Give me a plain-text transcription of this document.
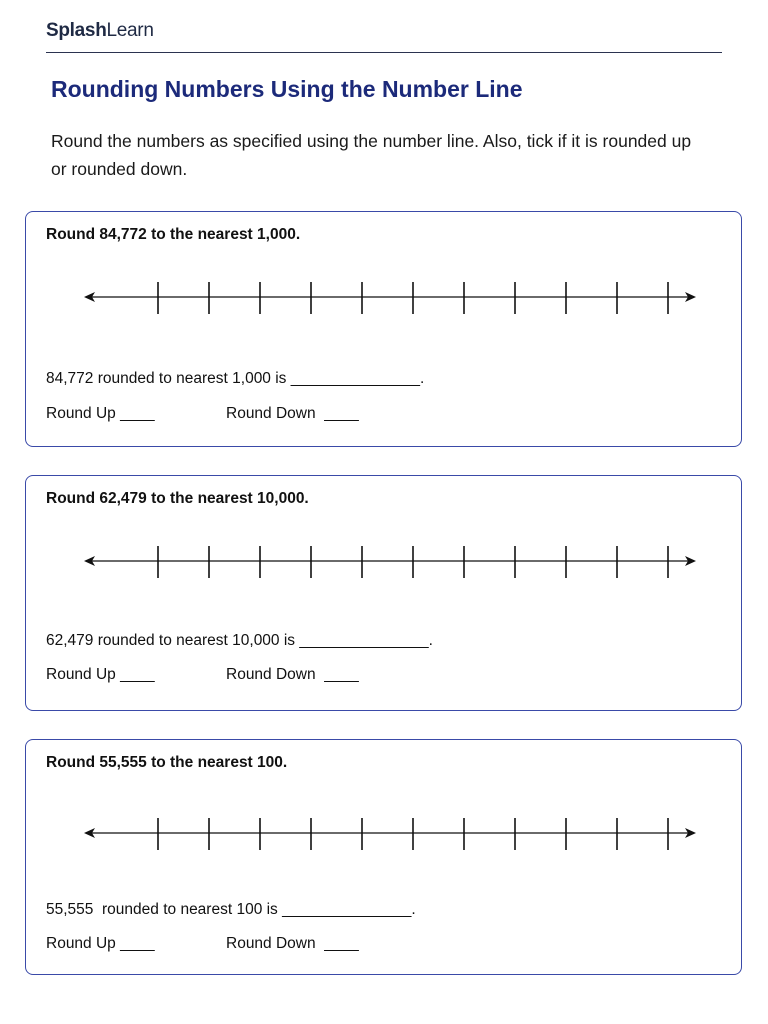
SplashLearn
Rounding Numbers Using the Number Line

Round the numbers as specified using the number line. Also, tick if it is rounded up or rounded down.

Round 84,772 to the nearest 1,000.
84,772 rounded to nearest 1,000 is _______________.
Round Up ____	Round Down  ____
Round 62,479 to the nearest 10,000.
62,479 rounded to nearest 10,000 is _______________.
Round Up ____	Round Down  ____
Round 55,555 to the nearest 100.
55,555  rounded to nearest 100 is _______________.
Round Up ____	Round Down  ____
